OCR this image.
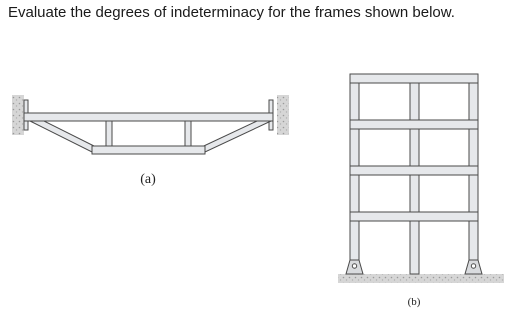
Evaluate the degrees of indeterminacy for the frames shown below.
(a)
(b)
